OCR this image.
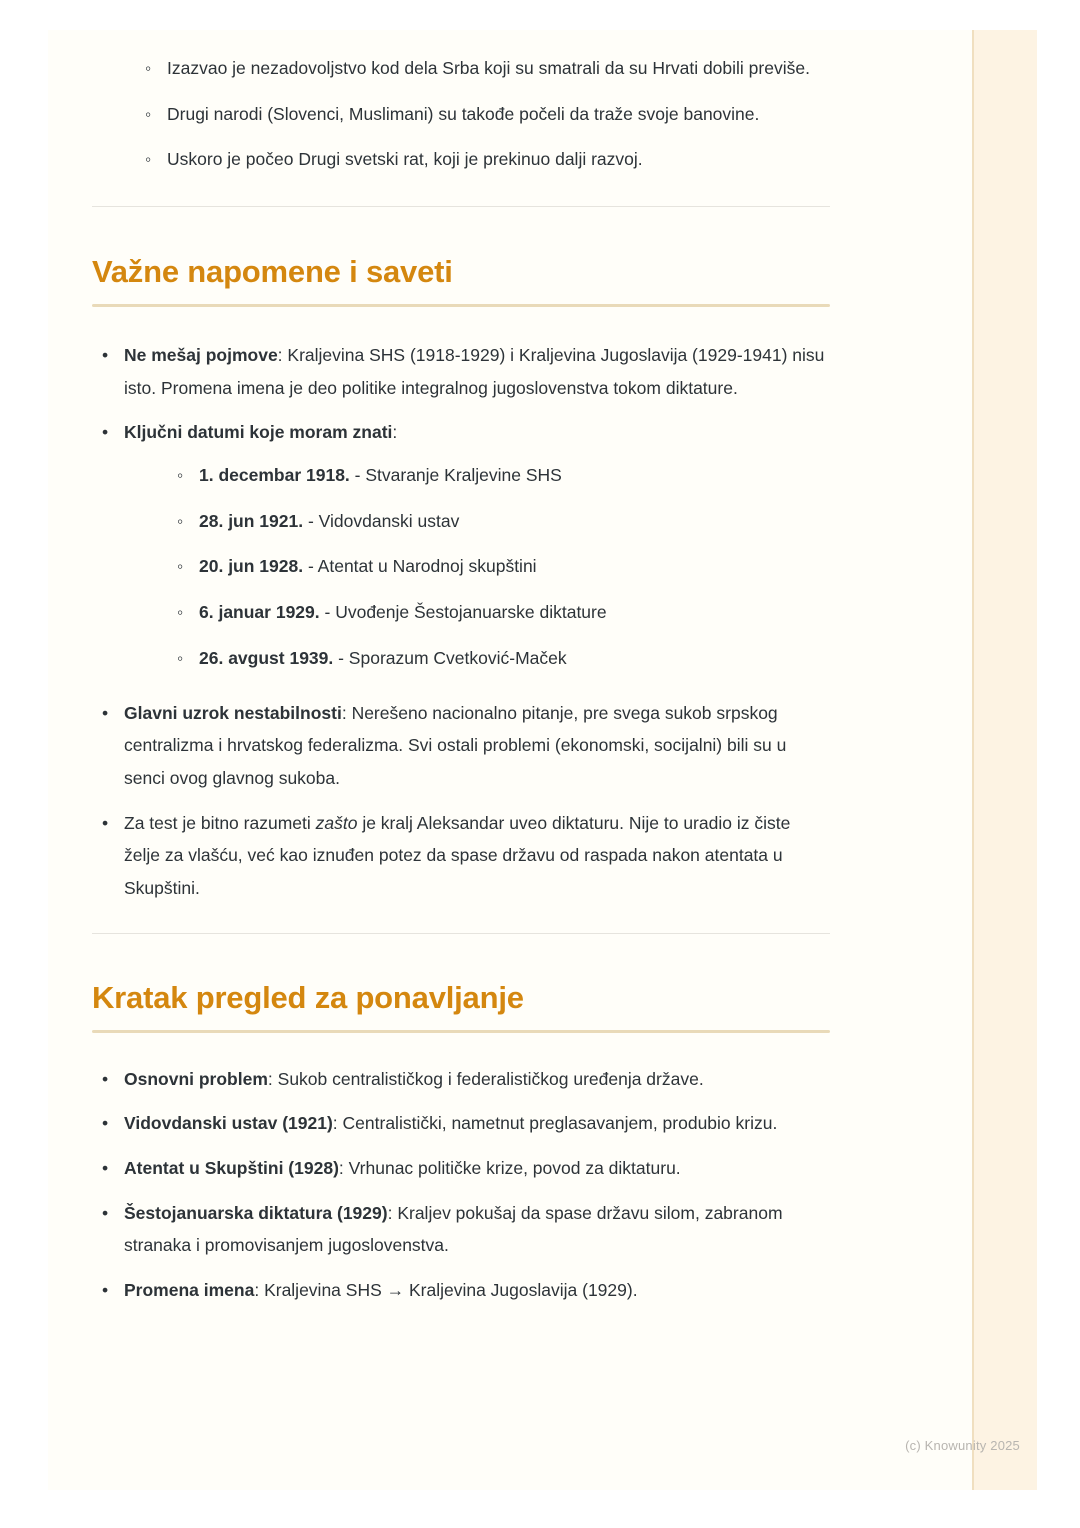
◦ Izazvao je nezadovoljstvo kod dela Srba koji su smatrali da su Hrvati dobili previše.
◦ Drugi narodi (Slovenci, Muslimani) su takođe počeli da traže svoje banovine.
◦ Uskoro je počeo Drugi svetski rat, koji je prekinuo dalji razvoj.
Važne napomene i saveti
• Ne mešaj pojmove: Kraljevina SHS (1918-1929) i Kraljevina Jugoslavija (1929-1941) nisu isto. Promena imena je deo politike integralnog jugoslovenstva tokom diktature.
• Ključni datumi koje moram znati:
◦ 1. decembar 1918. - Stvaranje Kraljevine SHS
◦ 28. jun 1921. - Vidovdanski ustav
◦ 20. jun 1928. - Atentat u Narodnoj skupštini
◦ 6. januar 1929. - Uvođenje Šestojanuarske diktature
◦ 26. avgust 1939. - Sporazum Cvetković-Maček
• Glavni uzrok nestabilnosti: Nerešeno nacionalno pitanje, pre svega sukob srpskog centralizma i hrvatskog federalizma. Svi ostali problemi (ekonomski, socijalni) bili su u senci ovog glavnog sukoba.
• Za test je bitno razumeti zašto je kralj Aleksandar uveo diktaturu. Nije to uradio iz čiste želje za vlašću, već kao iznuđen potez da spase državu od raspada nakon atentata u Skupštini.
Kratak pregled za ponavljanje
• Osnovni problem: Sukob centralističkog i federalističkog uređenja države.
• Vidovdanski ustav (1921): Centralistički, nametnut preglasavanjem, produbio krizu.
• Atentat u Skupštini (1928): Vrhunac političke krize, povod za diktaturu.
• Šestojanuarska diktatura (1929): Kraljev pokušaj da spase državu silom, zabranom stranaka i promovisanjem jugoslovenstva.
• Promena imena: Kraljevina SHS → Kraljevina Jugoslavija (1929).
(c) Knowunity 2025
